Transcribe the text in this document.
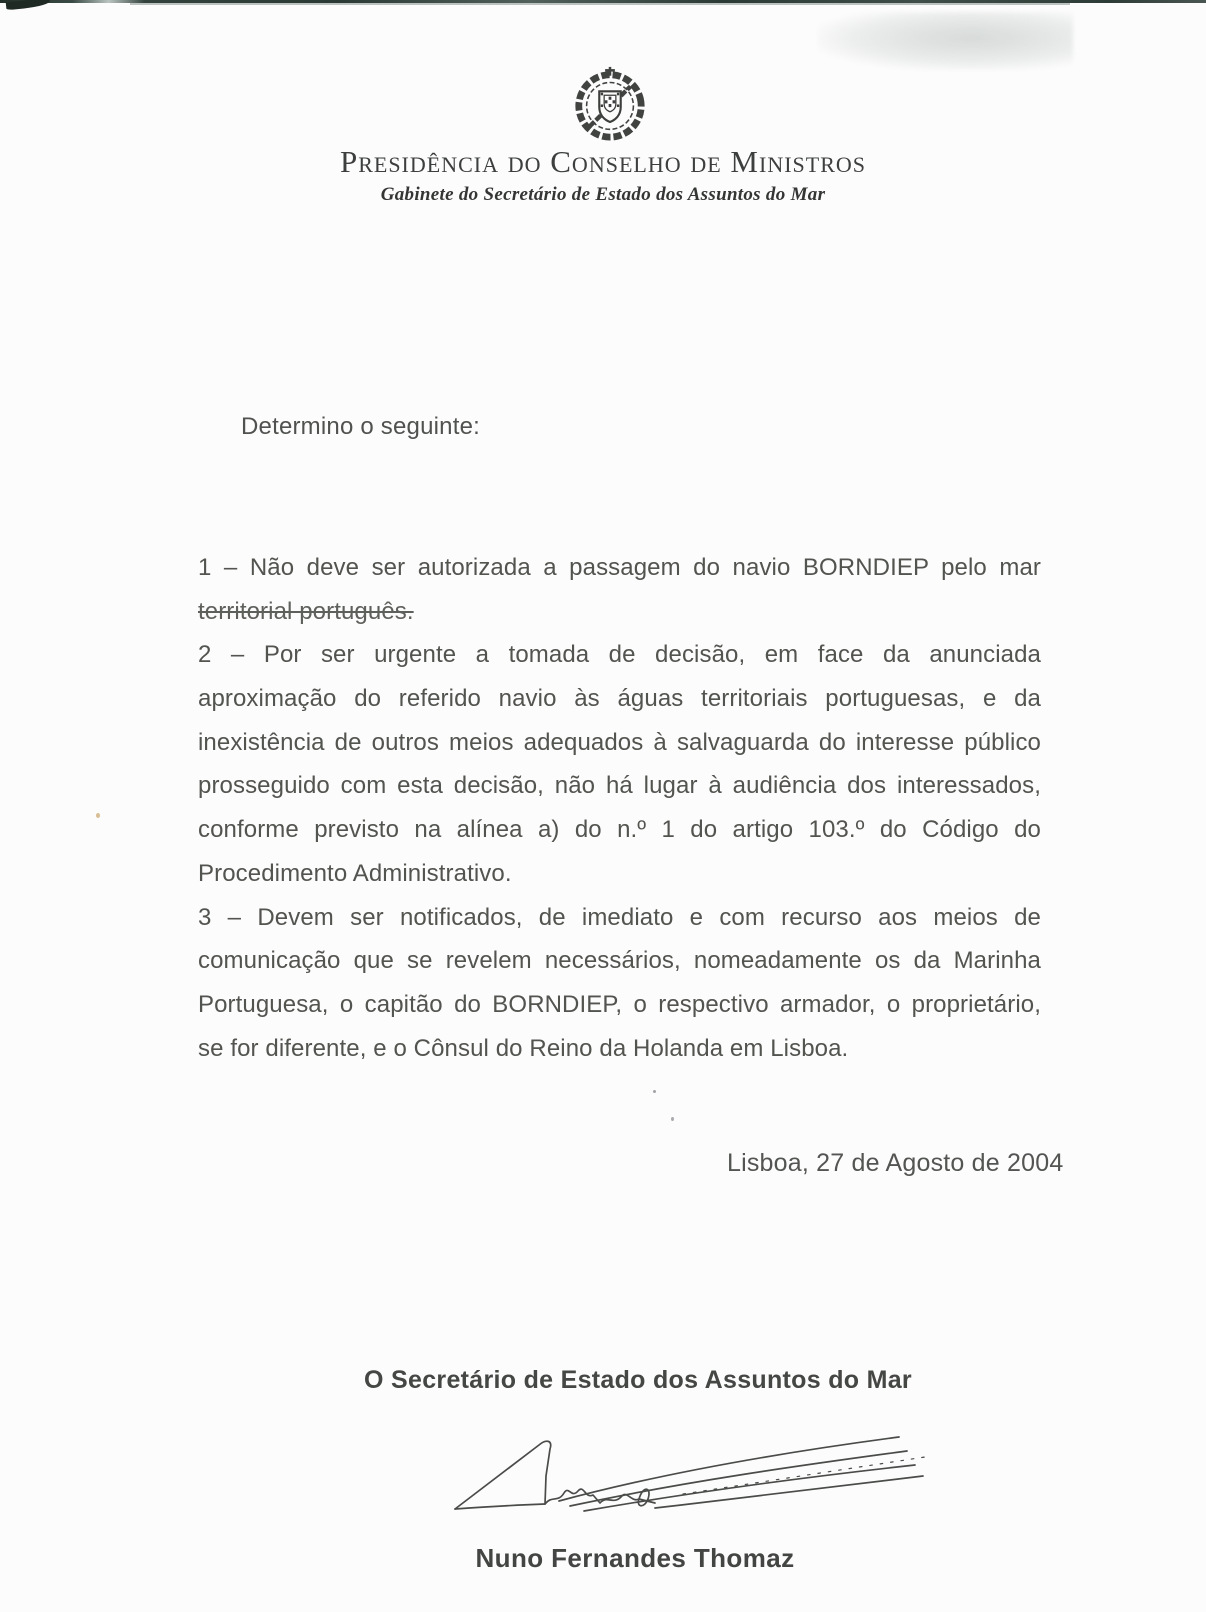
Presidência do Conselho de Ministros
Gabinete do Secretário de Estado dos Assuntos do Mar
Determino o seguinte:
1 – Não deve ser autorizada a passagem do navio BORNDIEP pelo mar
territorial português.
2 – Por ser urgente a tomada de decisão, em face da anunciada
aproximação do referido navio às águas territoriais portuguesas, e da
inexistência de outros meios adequados à salvaguarda do interesse público
prosseguido com esta decisão, não há lugar à audiência dos interessados,
conforme previsto na alínea a) do n.º 1 do artigo 103.º do Código do
Procedimento Administrativo.
3 – Devem ser notificados, de imediato e com recurso aos meios de
comunicação que se revelem necessários, nomeadamente os da Marinha
Portuguesa, o capitão do BORNDIEP, o respectivo armador, o proprietário,
se for diferente, e o Cônsul do Reino da Holanda em Lisboa.
Lisboa, 27 de Agosto de 2004
O Secretário de Estado dos Assuntos do Mar
Nuno Fernandes Thomaz
